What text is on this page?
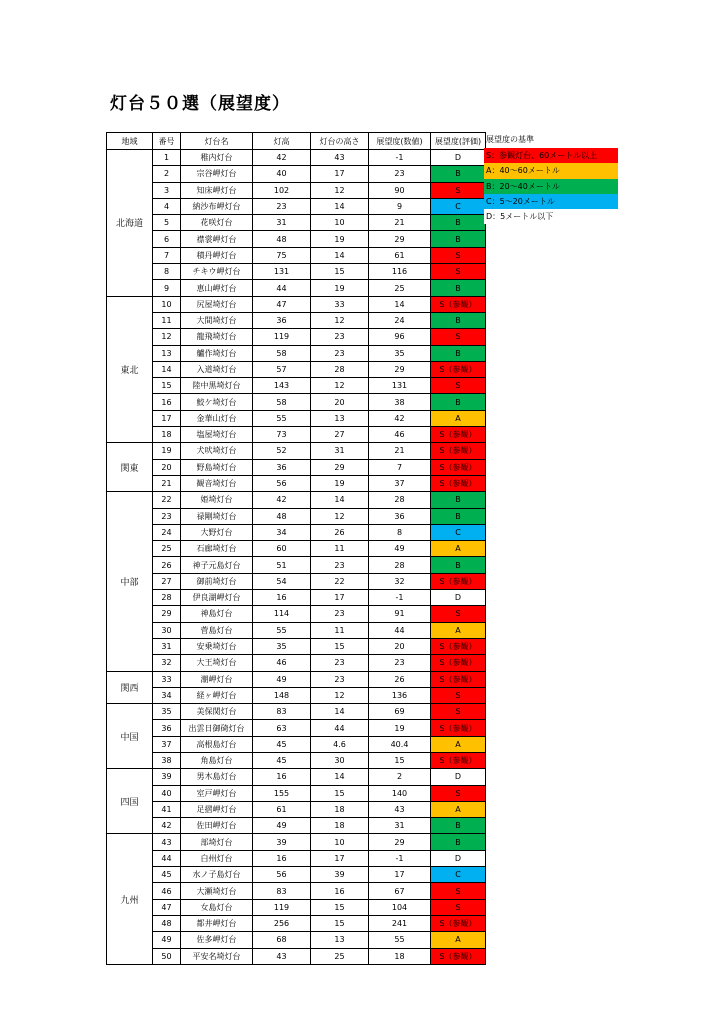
灯台５０選（展望度）
地域	番号	灯台名	灯高	灯台の高さ	展望度(数値)	展望度(評価)
北海道	1	稚内灯台	42	43	-1	D
	2	宗谷岬灯台	40	17	23	B
	3	知床岬灯台	102	12	90	S
	4	納沙布岬灯台	23	14	9	C
	5	花咲灯台	31	10	21	B
	6	襟裳岬灯台	48	19	29	B
	7	積丹岬灯台	75	14	61	S
	8	チキウ岬灯台	131	15	116	S
	9	恵山岬灯台	44	19	25	B
東北	10	尻屋埼灯台	47	33	14	S（参観）
	11	大間埼灯台	36	12	24	B
	12	龍飛埼灯台	119	23	96	S
	13	艫作埼灯台	58	23	35	B
	14	入道埼灯台	57	28	29	S（参観）
	15	陸中黒埼灯台	143	12	131	S
	16	鮫ケ埼灯台	58	20	38	B
	17	金華山灯台	55	13	42	A
	18	塩屋埼灯台	73	27	46	S（参観）
関東	19	犬吠埼灯台	52	31	21	S（参観）
	20	野島埼灯台	36	29	7	S（参観）
	21	観音埼灯台	56	19	37	S（参観）
中部	22	姫埼灯台	42	14	28	B
	23	禄剛埼灯台	48	12	36	B
	24	大野灯台	34	26	8	C
	25	石廊埼灯台	60	11	49	A
	26	神子元島灯台	51	23	28	B
	27	御前埼灯台	54	22	32	S（参観）
	28	伊良湖岬灯台	16	17	-1	D
	29	神島灯台	114	23	91	S
	30	菅島灯台	55	11	44	A
	31	安乗埼灯台	35	15	20	S（参観）
	32	大王埼灯台	46	23	23	S（参観）
関西	33	潮岬灯台	49	23	26	S（参観）
	34	経ヶ岬灯台	148	12	136	S
中国	35	美保関灯台	83	14	69	S
	36	出雲日御碕灯台	63	44	19	S（参観）
	37	高根島灯台	45	4.6	40.4	A
	38	角島灯台	45	30	15	S（参観）
四国	39	男木島灯台	16	14	2	D
	40	室戸岬灯台	155	15	140	S
	41	足摺岬灯台	61	18	43	A
	42	佐田岬灯台	49	18	31	B
九州	43	部埼灯台	39	10	29	B
	44	白州灯台	16	17	-1	D
	45	水ノ子島灯台	56	39	17	C
	46	大瀬埼灯台	83	16	67	S
	47	女島灯台	119	15	104	S
	48	都井岬灯台	256	15	241	S（参観）
	49	佐多岬灯台	68	13	55	A
	50	平安名埼灯台	43	25	18	S（参観）
展望度の基準
S：参観灯台、60メートル以上
A：40〜60メートル
B：20〜40メートル
C：5〜20メートル
D：5メートル以下
